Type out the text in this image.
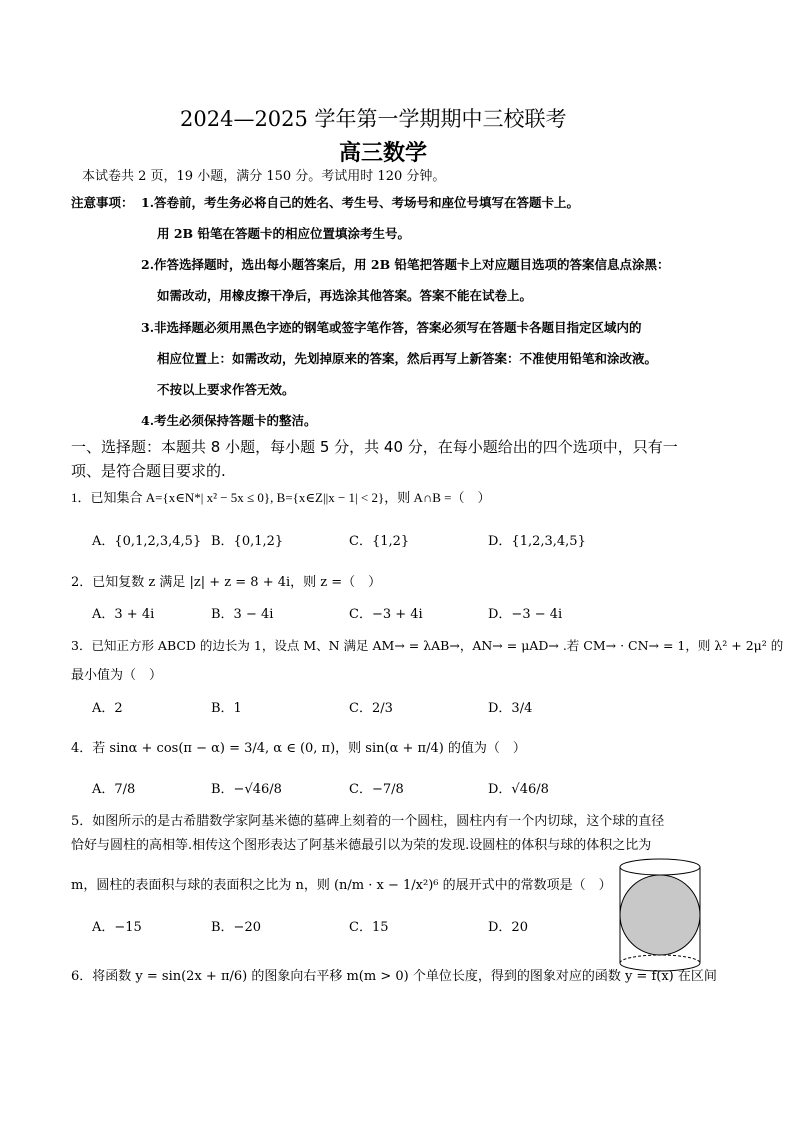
2024—2025 学年第一学期期中三校联考
高三数学
本试卷共 2 页，19 小题，满分 150 分。考试用时 120 分钟。
注意事项： 1.答卷前，考生务必将自己的姓名、考生号、考场号和座位号填写在答题卡上。
用 2B 铅笔在答题卡的相应位置填涂考生号。
2.作答选择题时，选出每小题答案后，用 2B 铅笔把答题卡上对应题目选项的答案信息点涂黑：
如需改动，用橡皮擦干净后，再选涂其他答案。答案不能在试卷上。
3.非选择题必须用黑色字迹的钢笔或签字笔作答，答案必须写在答题卡各题目指定区域内的
相应位置上：如需改动，先划掉原来的答案，然后再写上新答案：不准使用铅笔和涂改液。
不按以上要求作答无效。
4.考生必须保持答题卡的整洁。
一、选择题：本题共 8 小题，每小题 5 分，共 40 分，在每小题给出的四个选项中，只有一
项、是符合题目要求的.
1．已知集合 A={x∈N*| x² − 5x ≤ 0}, B={x∈Z||x − 1| < 2}，则 A∩B =（　）
A．{0,1,2,3,4,5} B．{0,1,2}	C．{1,2}	D．{1,2,3,4,5}
2．已知复数 z 满足 |z| + z = 8 + 4i，则 z =（　）
A．3 + 4i	B．3 − 4i	C．−3 + 4i	D．−3 − 4i
3．已知正方形 ABCD 的边长为 1，设点 M、N 满足 AM→ = λAB→，AN→ = μAD→ .若 CM→ · CN→ = 1，则 λ² + 2μ² 的
最小值为（　）
A．2	B．1	C．2/3	D．3/4
4．若 sinα + cos(π − α) = 3/4, α ∈ (0, π)，则 sin(α + π/4) 的值为（　）
A．7/8	B．−√46/8	C．−7/8	D．√46/8
5．如图所示的是古希腊数学家阿基米德的墓碑上刻着的一个圆柱，圆柱内有一个内切球，这个球的直径
恰好与圆柱的高相等.相传这个图形表达了阿基米德最引以为荣的发现.设圆柱的体积与球的体积之比为
m，圆柱的表面积与球的表面积之比为 n，则 (n/m · x − 1/x²)⁶ 的展开式中的常数项是（　）
A．−15	B．−20	C．15	D．20
6．将函数 y = sin(2x + π/6) 的图象向右平移 m(m > 0) 个单位长度，得到的图象对应的函数 y = f(x) 在区间
